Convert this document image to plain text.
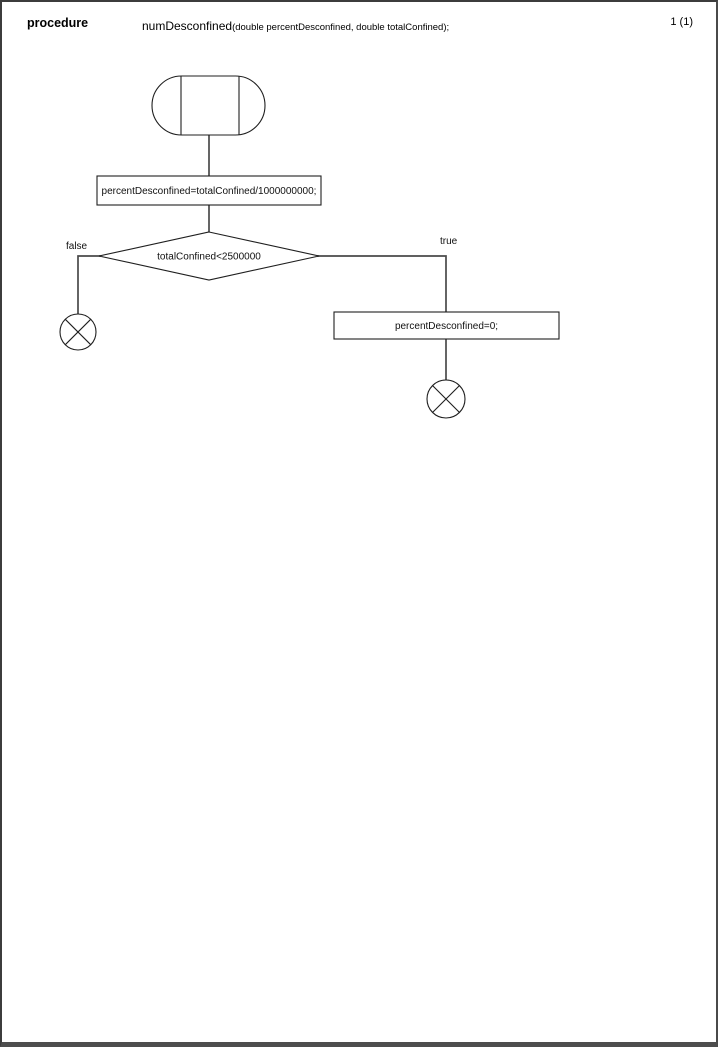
procedure	numDesconfined(double percentDesconfined, double totalConfined);	1 (1)
percentDesconfined=totalConfined/1000000000;
totalConfined<2500000
false	true
percentDesconfined=0;
